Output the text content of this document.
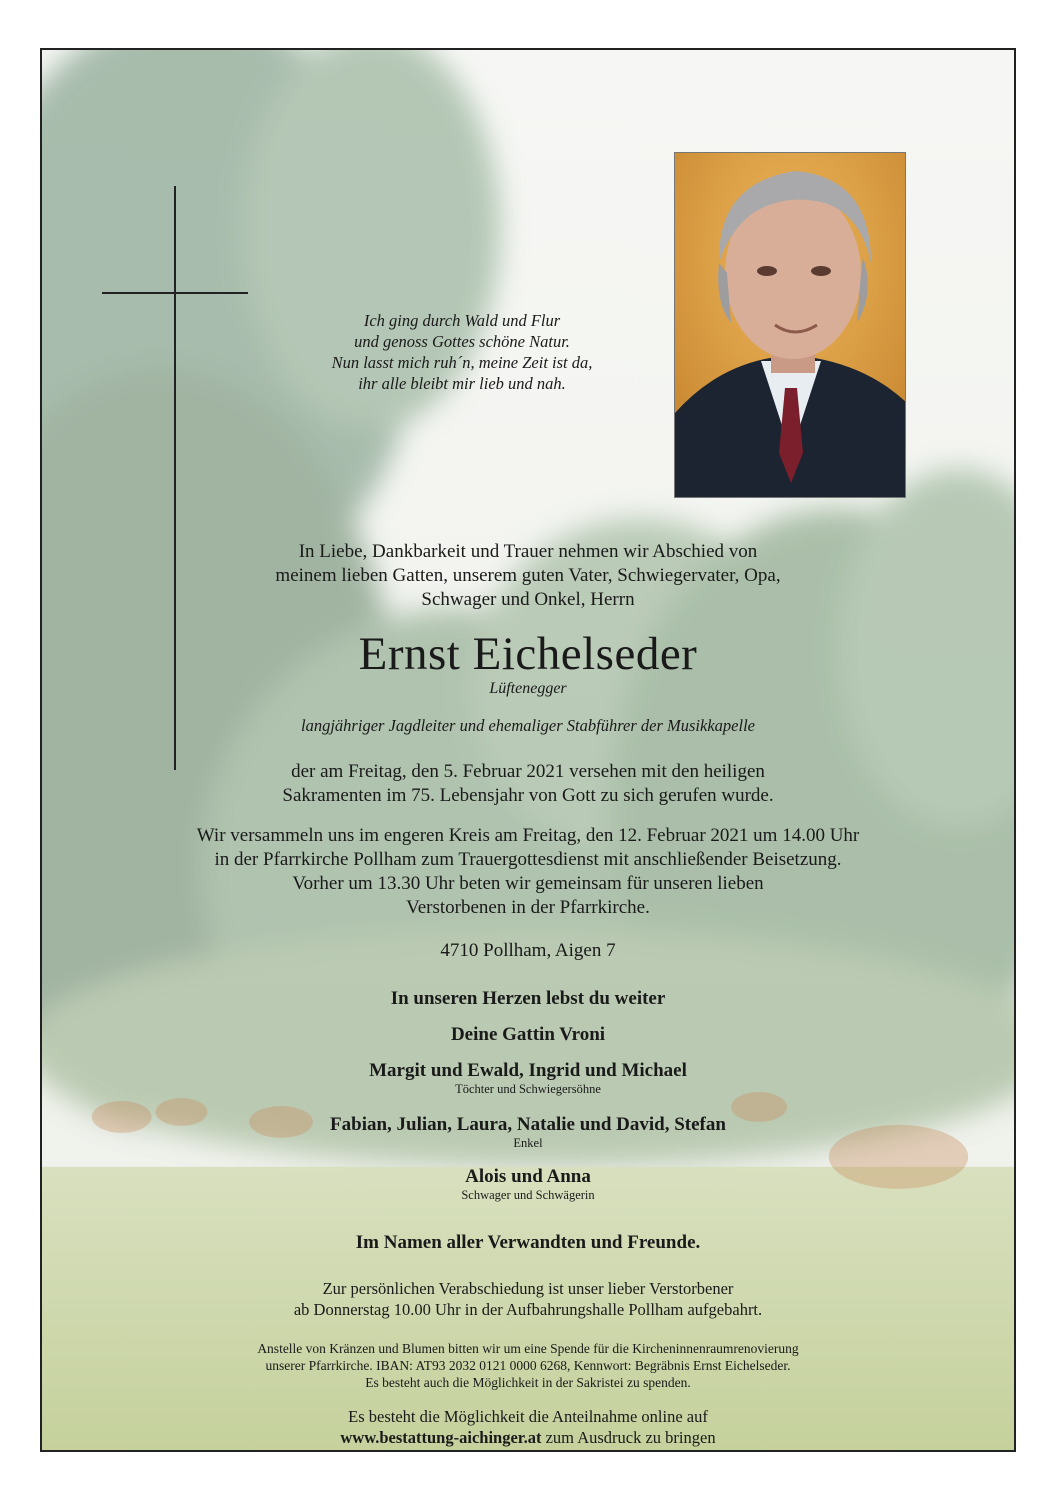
Ich ging durch Wald und Flur
und genoss Gottes schöne Natur.
Nun lasst mich ruh´n, meine Zeit ist da,
ihr alle bleibt mir lieb und nah.
In Liebe, Dankbarkeit und Trauer nehmen wir Abschied von
meinem lieben Gatten, unserem guten Vater, Schwiegervater, Opa,
Schwager und Onkel, Herrn
Ernst Eichelseder
Lüftenegger
langjähriger Jagdleiter und ehemaliger Stabführer der Musikkapelle
der am Freitag, den 5. Februar 2021 versehen mit den heiligen
Sakramenten im 75. Lebensjahr von Gott zu sich gerufen wurde.
Wir versammeln uns im engeren Kreis am Freitag, den 12. Februar 2021 um 14.00 Uhr
in der Pfarrkirche Pollham zum Trauergottesdienst mit anschließender Beisetzung.
Vorher um 13.30 Uhr beten wir gemeinsam für unseren lieben
Verstorbenen in der Pfarrkirche.
4710 Pollham, Aigen 7
In unseren Herzen lebst du weiter
Deine Gattin Vroni
Margit und Ewald, Ingrid und Michael
Töchter und Schwiegersöhne
Fabian, Julian, Laura, Natalie und David, Stefan
Enkel
Alois und Anna
Schwager und Schwägerin
Im Namen aller Verwandten und Freunde.
Zur persönlichen Verabschiedung ist unser lieber Verstorbener
ab Donnerstag 10.00 Uhr in der Aufbahrungshalle Pollham aufgebahrt.
Anstelle von Kränzen und Blumen bitten wir um eine Spende für die Kircheninnenraumrenovierung
unserer Pfarrkirche. IBAN: AT93 2032 0121 0000 6268, Kennwort: Begräbnis Ernst Eichelseder.
Es besteht auch die Möglichkeit in der Sakristei zu spenden.
Es besteht die Möglichkeit die Anteilnahme online auf
www.bestattung-aichinger.at zum Ausdruck zu bringen
